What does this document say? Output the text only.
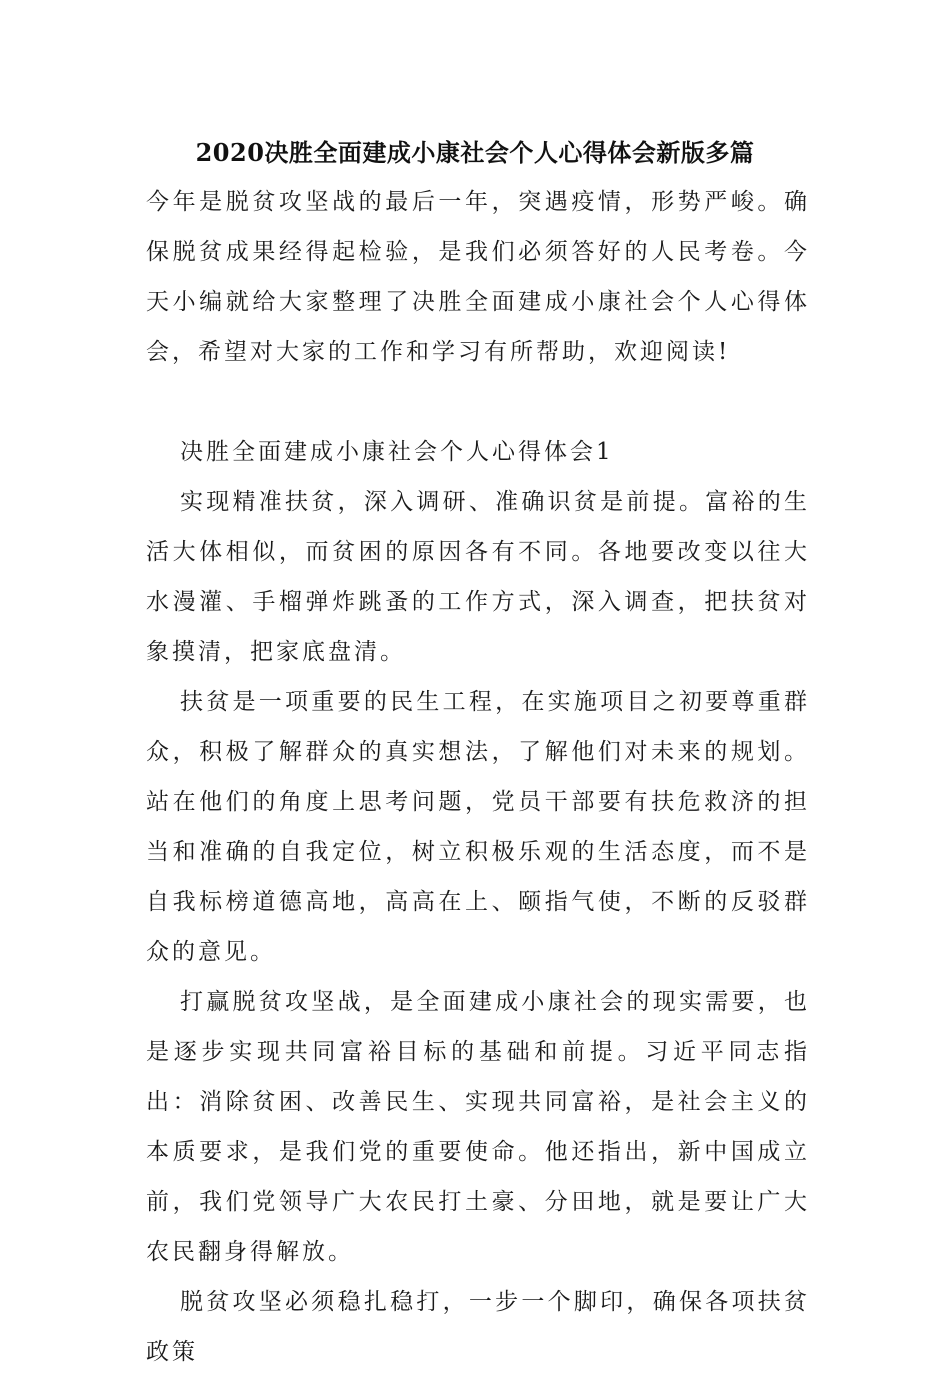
2020决胜全面建成小康社会个人心得体会新版多篇

今年是脱贫攻坚战的最后一年，突遇疫情，形势严峻。确保脱贫成果经得起检验，是我们必须答好的人民考卷。今天小编就给大家整理了决胜全面建成小康社会个人心得体会，希望对大家的工作和学习有所帮助，欢迎阅读!

决胜全面建成小康社会个人心得体会1

实现精准扶贫，深入调研、准确识贫是前提。富裕的生活大体相似，而贫困的原因各有不同。各地要改变以往大水漫灌、手榴弹炸跳蚤的工作方式，深入调查，把扶贫对象摸清，把家底盘清。

扶贫是一项重要的民生工程，在实施项目之初要尊重群众，积极了解群众的真实想法，了解他们对未来的规划。站在他们的角度上思考问题，党员干部要有扶危救济的担当和准确的自我定位，树立积极乐观的生活态度，而不是自我标榜道德高地，高高在上、颐指气使，不断的反驳群众的意见。

打赢脱贫攻坚战，是全面建成小康社会的现实需要，也是逐步实现共同富裕目标的基础和前提。习近平同志指出：消除贫困、改善民生、实现共同富裕，是社会主义的本质要求，是我们党的重要使命。他还指出，新中国成立前，我们党领导广大农民打土豪、分田地，就是要让广大农民翻身得解放。

脱贫攻坚必须稳扎稳打，一步一个脚印，确保各项扶贫政策
